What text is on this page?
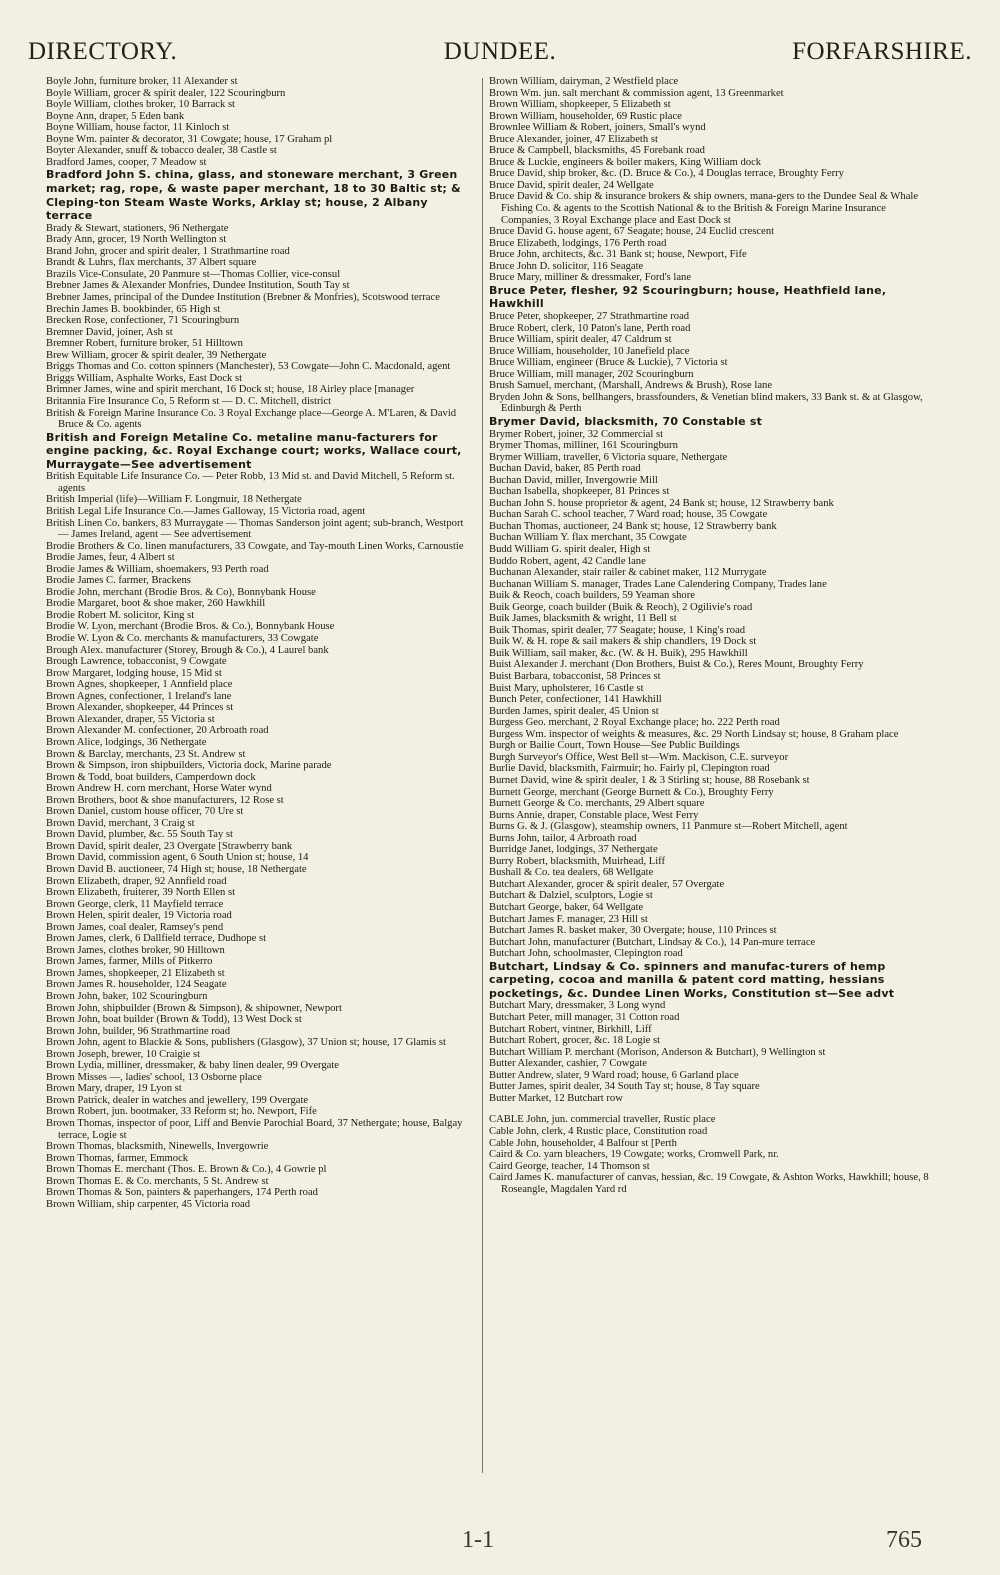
DIRECTORY.	DUNDEE.	FORFARSHIRE.
Boyle John, furniture broker, 11 Alexander st
Boyle William, grocer & spirit dealer, 122 Scouringburn
Boyle William, clothes broker, 10 Barrack st
Boyne Ann, draper, 5 Eden bank
Boyne William, house factor, 11 Kinloch st
Boyne Wm. painter & decorator, 31 Cowgate; house, 17 Graham pl
Boyter Alexander, snuff & tobacco dealer, 38 Castle st
Bradford James, cooper, 7 Meadow st
Bradford John S. china, glass, and stoneware merchant, 3 Green market; rag, rope, & waste paper merchant, 18 to 30 Baltic st; & Cleping-ton Steam Waste Works, Arklay st; house, 2 Albany terrace
Brady & Stewart, stationers, 96 Nethergate
Brady Ann, grocer, 19 North Wellington st
Brand John, grocer and spirit dealer, 1 Strathmartine road
Brandt & Luhrs, flax merchants, 37 Albert square
Brazils Vice-Consulate, 20 Panmure st—Thomas Collier, vice-consul
Brebner James & Alexander Monfries, Dundee Institution, South Tay st
Brebner James, principal of the Dundee Institution (Brebner & Monfries), Scotswood terrace
Brechin James B. bookbinder, 65 High st
Brecken Rose, confectioner, 71 Scouringburn
Bremner David, joiner, Ash st
Bremner Robert, furniture broker, 51 Hilltown
Brew William, grocer & spirit dealer, 39 Nethergate
Briggs Thomas and Co. cotton spinners (Manchester), 53 Cowgate—John C. Macdonald, agent
Briggs William, Asphalte Works, East Dock st
Brimner James, wine and spirit merchant, 16 Dock st; house, 18 Airley place [manager
Britannia Fire Insurance Co, 5 Reform st — D. C. Mitchell, district
British & Foreign Marine Insurance Co. 3 Royal Exchange place—George A. M'Laren, & David Bruce & Co. agents
British and Foreign Metaline Co. metaline manu-facturers for engine packing, &c. Royal Exchange court; works, Wallace court, Murraygate—See advertisement
British Equitable Life Insurance Co. — Peter Robb, 13 Mid st. and David Mitchell, 5 Reform st. agents
British Imperial (life)—William F. Longmuir, 18 Nethergate
British Legal Life Insurance Co.—James Galloway, 15 Victoria road, agent
British Linen Co. bankers, 83 Murraygate — Thomas Sanderson joint agent; sub-branch, Westport — James Ireland, agent — See advertisement
Brodie Brothers & Co. linen manufacturers, 33 Cowgate, and Tay-mouth Linen Works, Carnoustie
Brodie James, feur, 4 Albert st
Brodie James & William, shoemakers, 93 Perth road
Brodie James C. farmer, Brackens
Brodie John, merchant (Brodie Bros. & Co), Bonnybank House
Brodie Margaret, boot & shoe maker, 260 Hawkhill
Brodie Robert M. solicitor, King st
Brodie W. Lyon, merchant (Brodie Bros. & Co.), Bonnybank House
Brodie W. Lyon & Co. merchants & manufacturers, 33 Cowgate
Brough Alex. manufacturer (Storey, Brough & Co.), 4 Laurel bank
Brough Lawrence, tobacconist, 9 Cowgate
Brow Margaret, lodging house, 15 Mid st
Brown Agnes, shopkeeper, 1 Annfield place
Brown Agnes, confectioner, 1 Ireland's lane
Brown Alexander, shopkeeper, 44 Princes st
Brown Alexander, draper, 55 Victoria st
Brown Alexander M. confectioner, 20 Arbroath road
Brown Alice, lodgings, 36 Nethergate
Brown & Barclay, merchants, 23 St. Andrew st
Brown & Simpson, iron shipbuilders, Victoria dock, Marine parade
Brown & Todd, boat builders, Camperdown dock
Brown Andrew H. corn merchant, Horse Water wynd
Brown Brothers, boot & shoe manufacturers, 12 Rose st
Brown Daniel, custom house officer, 70 Ure st
Brown David, merchant, 3 Craig st
Brown David, plumber, &c. 55 South Tay st
Brown David, spirit dealer, 23 Overgate [Strawberry bank
Brown David, commission agent, 6 South Union st; house, 14
Brown David B. auctioneer, 74 High st; house, 18 Nethergate
Brown Elizabeth, draper, 92 Annfield road
Brown Elizabeth, fruiterer, 39 North Ellen st
Brown George, clerk, 11 Mayfield terrace
Brown Helen, spirit dealer, 19 Victoria road
Brown James, coal dealer, Ramsey's pend
Brown James, clerk, 6 Dallfield terrace, Dudhope st
Brown James, clothes broker, 90 Hilltown
Brown James, farmer, Mills of Pitkerro
Brown James, shopkeeper, 21 Elizabeth st
Brown James R. householder, 124 Seagate
Brown John, baker, 102 Scouringburn
Brown John, shipbuilder (Brown & Simpson), & shipowner, Newport
Brown John, boat builder (Brown & Todd), 13 West Dock st
Brown John, builder, 96 Strathmartine road
Brown John, agent to Blackie & Sons, publishers (Glasgow), 37 Union st; house, 17 Glamis st
Brown Joseph, brewer, 10 Craigie st
Brown Lydia, milliner, dressmaker, & baby linen dealer, 99 Overgate
Brown Misses —, ladies' school, 13 Osborne place
Brown Mary, draper, 19 Lyon st
Brown Patrick, dealer in watches and jewellery, 199 Overgate
Brown Robert, jun. bootmaker, 33 Reform st; ho. Newport, Fife
Brown Thomas, inspector of poor, Liff and Benvie Parochial Board, 37 Nethergate; house, Balgay terrace, Logie st
Brown Thomas, blacksmith, Ninewells, Invergowrie
Brown Thomas, farmer, Emmock
Brown Thomas E. merchant (Thos. E. Brown & Co.), 4 Gowrie pl
Brown Thomas E. & Co. merchants, 5 St. Andrew st
Brown Thomas & Son, painters & paperhangers, 174 Perth road
Brown William, ship carpenter, 45 Victoria road
Brown William, dairyman, 2 Westfield place
Brown Wm. jun. salt merchant & commission agent, 13 Greenmarket
Brown William, shopkeeper, 5 Elizabeth st
Brown William, householder, 69 Rustic place
Brownlee William & Robert, joiners, Small's wynd
Bruce Alexander, joiner, 47 Elizabeth st
Bruce & Campbell, blacksmiths, 45 Forebank road
Bruce & Luckie, engineers & boiler makers, King William dock
Bruce David, ship broker, &c. (D. Bruce & Co.), 4 Douglas terrace, Broughty Ferry
Bruce David, spirit dealer, 24 Wellgate
Bruce David & Co. ship & insurance brokers & ship owners, mana-gers to the Dundee Seal & Whale Fishing Co. & agents to the Scottish National & to the British & Foreign Marine Insurance Companies, 3 Royal Exchange place and East Dock st
Bruce David G. house agent, 67 Seagate; house, 24 Euclid crescent
Bruce Elizabeth, lodgings, 176 Perth road
Bruce John, architects, &c. 31 Bank st; house, Newport, Fife
Bruce John D. solicitor, 116 Seagate
Bruce Mary, milliner & dressmaker, Ford's lane
Bruce Peter, flesher, 92 Scouringburn; house, Heathfield lane, Hawkhill
Bruce Peter, shopkeeper, 27 Strathmartine road
Bruce Robert, clerk, 10 Paton's lane, Perth road
Bruce William, spirit dealer, 47 Caldrum st
Bruce William, householder, 10 Janefield place
Bruce William, engineer (Bruce & Luckie), 7 Victoria st
Bruce William, mill manager, 202 Scouringburn
Brush Samuel, merchant, (Marshall, Andrews & Brush), Rose lane
Bryden John & Sons, bellhangers, brassfounders, & Venetian blind makers, 33 Bank st. & at Glasgow, Edinburgh & Perth
Brymer David, blacksmith, 70 Constable st
Brymer Robert, joiner, 32 Commercial st
Brymer Thomas, milliner, 161 Scouringburn
Brymer William, traveller, 6 Victoria square, Nethergate
Buchan David, baker, 85 Perth road
Buchan David, miller, Invergowrie Mill
Buchan Isabella, shopkeeper, 81 Princes st
Buchan John S. house proprietor & agent, 24 Bank st; house, 12 Strawberry bank
Buchan Sarah C. school teacher, 7 Ward road; house, 35 Cowgate
Buchan Thomas, auctioneer, 24 Bank st; house, 12 Strawberry bank
Buchan William Y. flax merchant, 35 Cowgate
Budd William G. spirit dealer, High st
Buddo Robert, agent, 42 Candle lane
Buchanan Alexander, stair railer & cabinet maker, 112 Murrygate
Buchanan William S. manager, Trades Lane Calendering Company, Trades lane
Buik & Reoch, coach builders, 59 Yeaman shore
Buik George, coach builder (Buik & Reoch), 2 Ogilivie's road
Buik James, blacksmith & wright, 11 Bell st
Buik Thomas, spirit dealer, 77 Seagate; house, 1 King's road
Buik W. & H. rope & sail makers & ship chandlers, 19 Dock st
Buik William, sail maker, &c. (W. & H. Buik), 295 Hawkhill
Buist Alexander J. merchant (Don Brothers, Buist & Co.), Reres Mount, Broughty Ferry
Buist Barbara, tobacconist, 58 Princes st
Buist Mary, upholsterer, 16 Castle st
Bunch Peter, confectioner, 141 Hawkhill
Burden James, spirit dealer, 45 Union st
Burgess Geo. merchant, 2 Royal Exchange place; ho. 222 Perth road
Burgess Wm. inspector of weights & measures, &c. 29 North Lindsay st; house, 8 Graham place
Burgh or Bailie Court, Town House—See Public Buildings
Burgh Surveyor's Office, West Bell st—Wm. Mackison, C.E. surveyor
Burlie David, blacksmith, Fairmuir; ho. Fairly pl, Clepington road
Burnet David, wine & spirit dealer, 1 & 3 Stirling st; house, 88 Rosebank st
Burnett George, merchant (George Burnett & Co.), Broughty Ferry
Burnett George & Co. merchants, 29 Albert square
Burns Annie, draper, Constable place, West Ferry
Burns G. & J. (Glasgow), steamship owners, 11 Panmure st—Robert Mitchell, agent
Burns John, tailor, 4 Arbroath road
Burridge Janet, lodgings, 37 Nethergate
Burry Robert, blacksmith, Muirhead, Liff
Bushall & Co. tea dealers, 68 Wellgate
Butchart Alexander, grocer & spirit dealer, 57 Overgate
Butchart & Dalziel, sculptors, Logie st
Butchart George, baker, 64 Wellgate
Butchart James F. manager, 23 Hill st
Butchart James R. basket maker, 30 Overgate; house, 110 Princes st
Butchart John, manufacturer (Butchart, Lindsay & Co.), 14 Pan-mure terrace
Butchart John, schoolmaster, Clepington road
Butchart, Lindsay & Co. spinners and manufac-turers of hemp carpeting, cocoa and manilla & patent cord matting, hessians pocketings, &c. Dundee Linen Works, Constitution st—See advt
Butchart Mary, dressmaker, 3 Long wynd
Butchart Peter, mill manager, 31 Cotton road
Butchart Robert, vintner, Birkhill, Liff
Butchart Robert, grocer, &c. 18 Logie st
Butchart William P. merchant (Morison, Anderson & Butchart), 9 Wellington st
Butter Alexander, cashier, 7 Cowgate
Butter Andrew, slater, 9 Ward road; house, 6 Garland place
Butter James, spirit dealer, 34 South Tay st; house, 8 Tay square
Butter Market, 12 Butchart row
CABLE John, jun. commercial traveller, Rustic place
Cable John, clerk, 4 Rustic place, Constitution road
Cable John, householder, 4 Balfour st [Perth
Caird & Co. yarn bleachers, 19 Cowgate; works, Cromwell Park, nr.
Caird George, teacher, 14 Thomson st
Caird James K. manufacturer of canvas, hessian, &c. 19 Cowgate, & Ashton Works, Hawkhill; house, 8 Roseangle, Magdalen Yard rd
1-1	765
